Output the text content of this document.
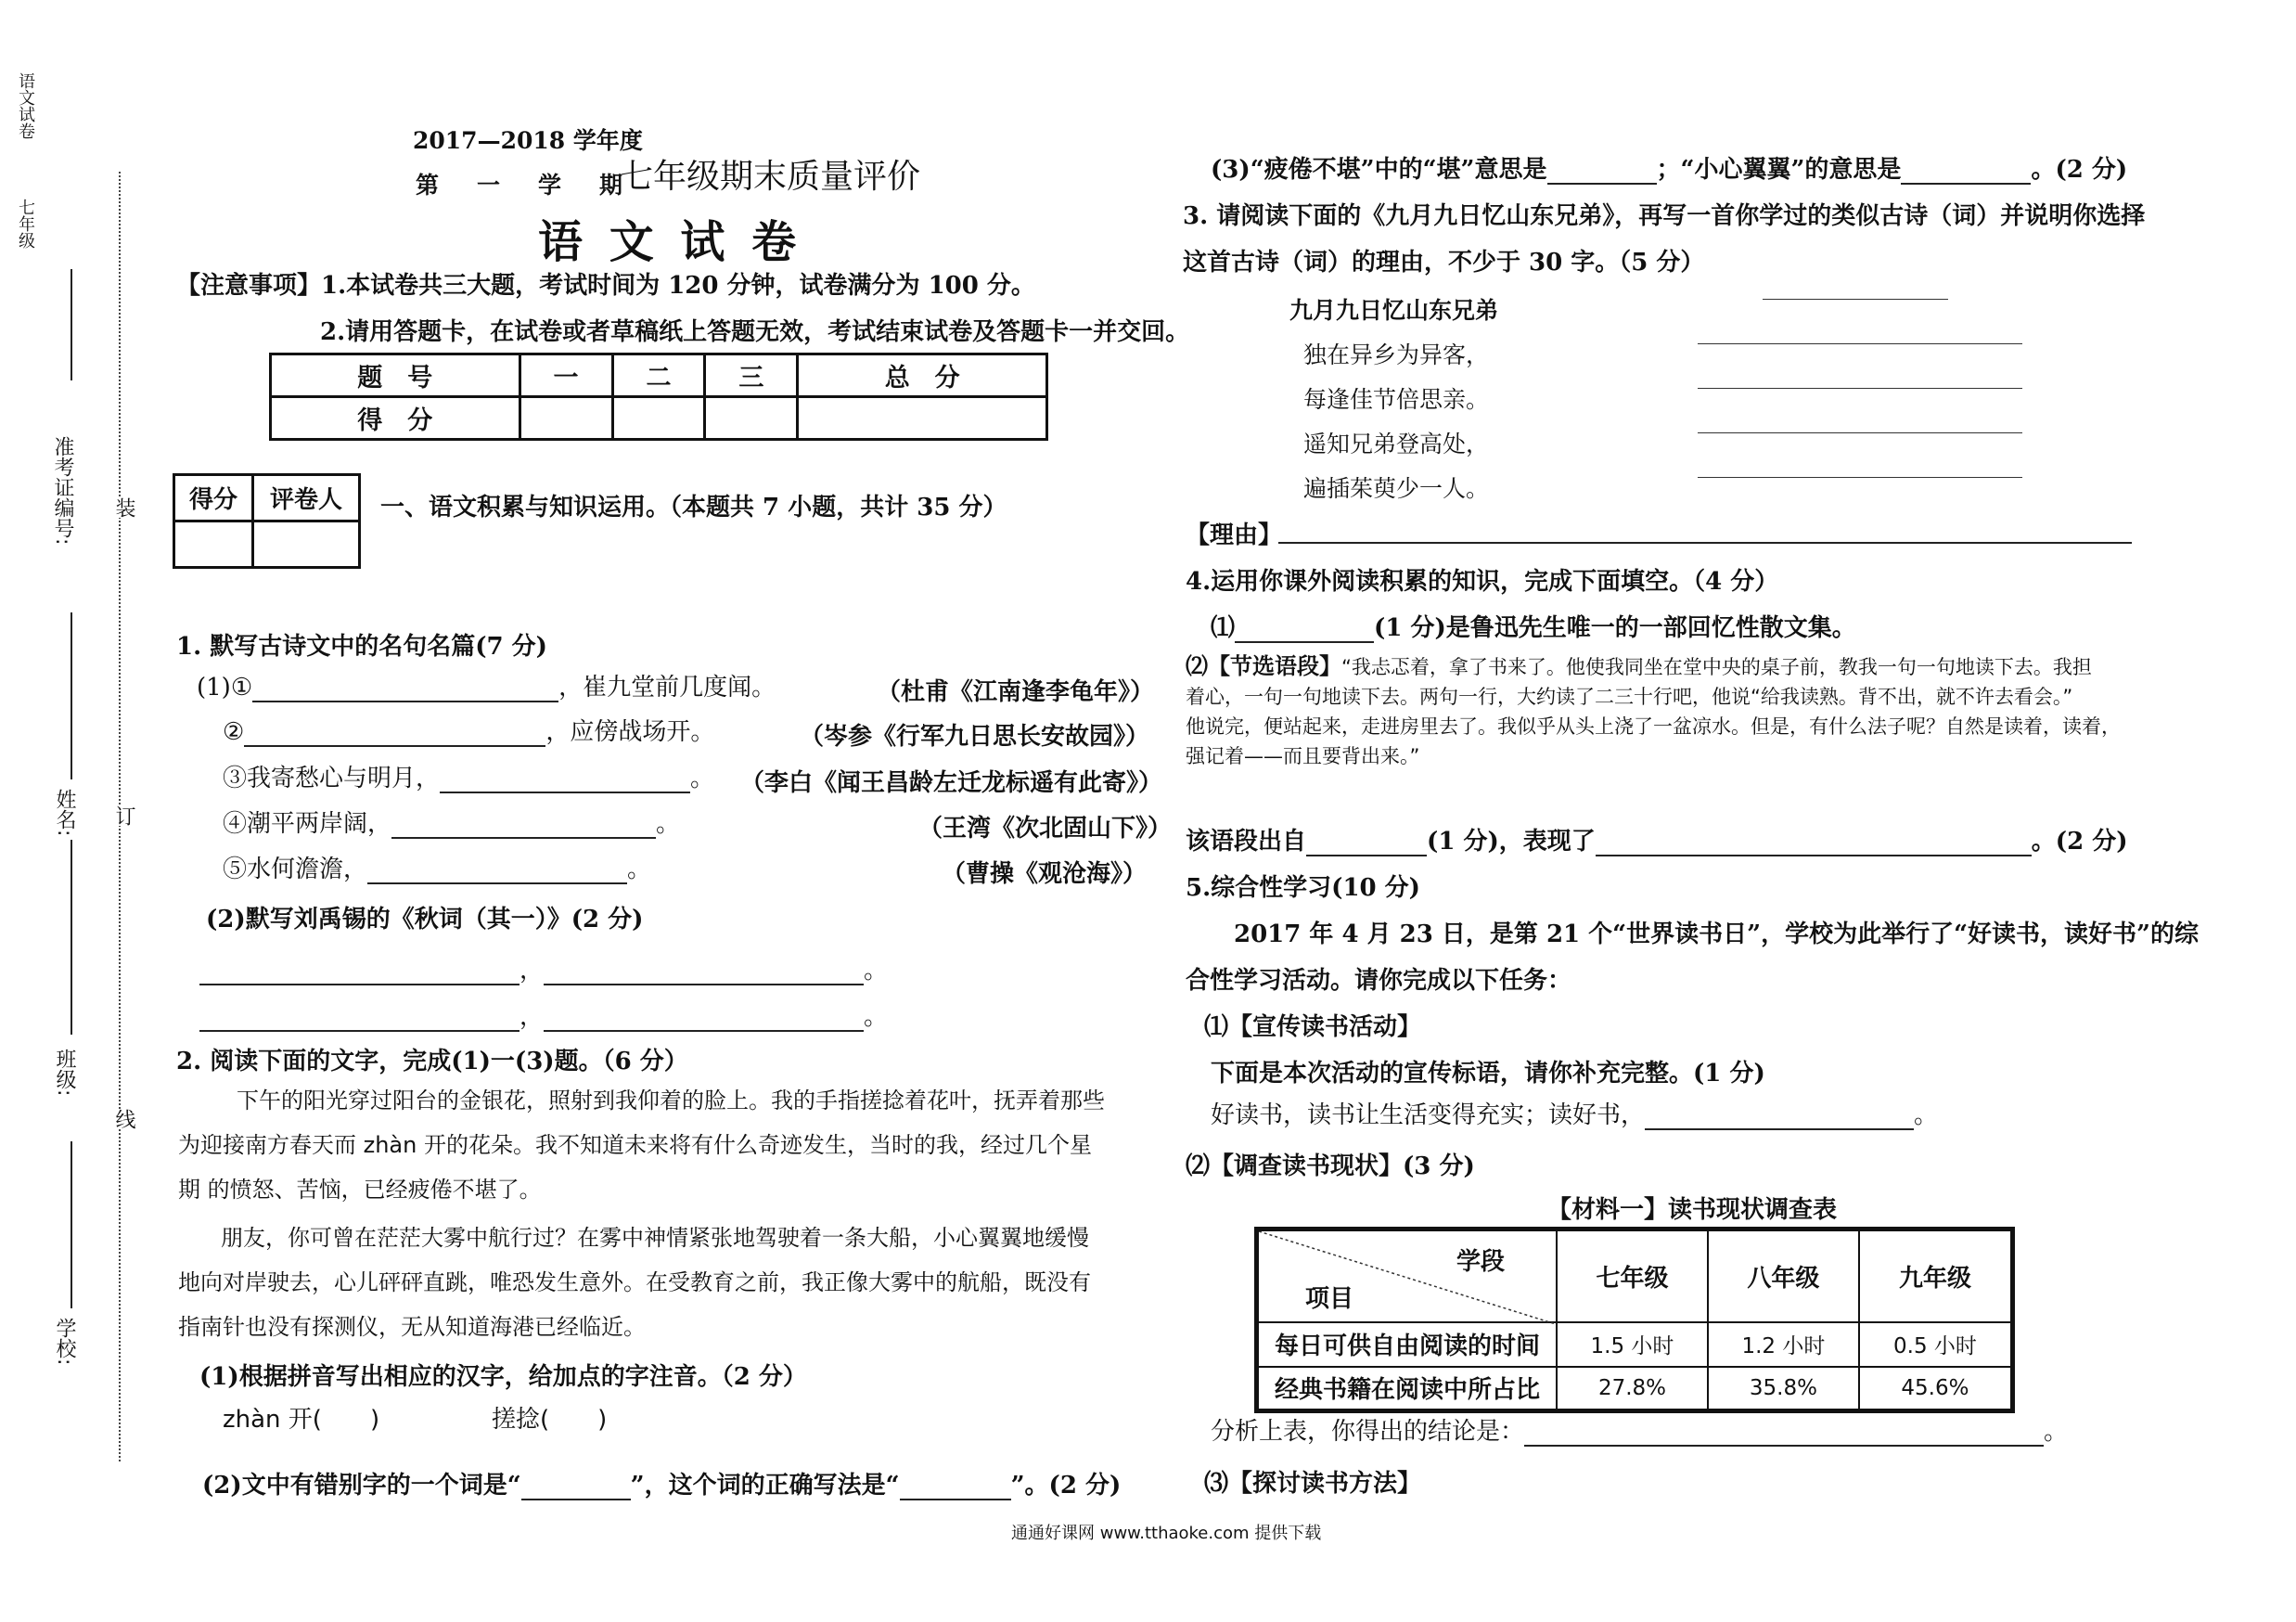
语文试卷
七年级
准考证编号:
姓名:
班级:
学校:
装
订
线
2017—2018 学年度
第　一　学　期
七年级期末质量评价
语 文 试 卷
【注意事项】1.本试卷共三大题，考试时间为 120 分钟，试卷满分为 100 分。
2.请用答题卡，在试卷或者草稿纸上答题无效，考试结束试卷及答题卡一并交回。
题　号	一	二	三	总　分
得　分				
得分	评卷人
	一、语文积累与知识运用。（本题共 7 小题，共计 35 分）
1. 默写古诗文中的名句名篇(7 分)
(1)①	，崔九堂前几度闻。	（杜甫《江南逢李龟年》）
②	，应傍战场开。	（岑参《行军九日思长安故园》）
③我寄愁心与明月，	。 （李白《闻王昌龄左迁龙标遥有此寄》）
④潮平两岸阔，	。	（王湾《次北固山下》）
⑤水何澹澹，	。	（曹操《观沧海》）
(2)默写刘禹锡的《秋词（其一）》(2 分)
，	。
，	。
2. 阅读下面的文字，完成(1)一(3)题。（6 分）
下午的阳光穿过阳台的金银花，照射到我仰着的脸上。我的手指搓捻着花叶，抚弄着那些
为迎接南方春天而 zhàn 开的花朵。我不知道未来将有什么奇迹发生，当时的我，经过几个星
期 的愤怒、苦恼，已经疲倦不堪了。
朋友，你可曾在茫茫大雾中航行过？在雾中神情紧张地驾驶着一条大船，小心翼翼地缓慢
地向对岸驶去，心儿砰砰直跳，唯恐发生意外。在受教育之前，我正像大雾中的航船，既没有
指南针也没有探测仪，无从知道海港已经临近。
(1)根据拼音写出相应的汉字，给加点的字注音。（2 分）
zhàn 开(　　)	搓捻(　　)
(2)文中有错别字的一个词是“	”，这个词的正确写法是“	”。(2 分)
(3)“疲倦不堪”中的“堪”意思是	；“小心翼翼”的意思是	。(2 分)
3. 请阅读下面的《九月九日忆山东兄弟》，再写一首你学过的类似古诗（词）并说明你选择
这首古诗（词）的理由，不少于 30 字。（5 分）
九月九日忆山东兄弟
独在异乡为异客，
每逢佳节倍思亲。
遥知兄弟登高处，
遍插茱萸少一人。
【理由】
4.运用你课外阅读积累的知识，完成下面填空。（4 分）
⑴	(1 分)是鲁迅先生唯一的一部回忆性散文集。
⑵【节选语段】“我忐忑着，拿了书来了。他使我同坐在堂中央的桌子前，教我一句一句地读下去。我担
着心，一句一句地读下去。两句一行，大约读了二三十行吧，他说“给我读熟。背不出，就不许去看会。”
他说完，便站起来，走进房里去了。我似乎从头上浇了一盆凉水。但是，有什么法子呢？自然是读着，读着，
强记着——而且要背出来。”
该语段出自	(1 分)，表现了	。(2 分)
5.综合性学习(10 分)
2017 年 4 月 23 日，是第 21 个“世界读书日”，学校为此举行了“好读书，读好书”的综
合性学习活动。请你完成以下任务：
⑴【宣传读书活动】
下面是本次活动的宣传标语，请你补充完整。(1 分)
好读书，读书让生活变得充实；读好书，	。
⑵【调查读书现状】(3 分)
【材料一】读书现状调查表
学段
项目	七年级	八年级	九年级
每日可供自由阅读的时间	1.5 小时	1.2 小时	0.5 小时
经典书籍在阅读中所占比	27.8%	35.8%	45.6%
分析上表，你得出的结论是：	。
⑶【探讨读书方法】
通通好课网 www.tthaoke.com 提供下载
